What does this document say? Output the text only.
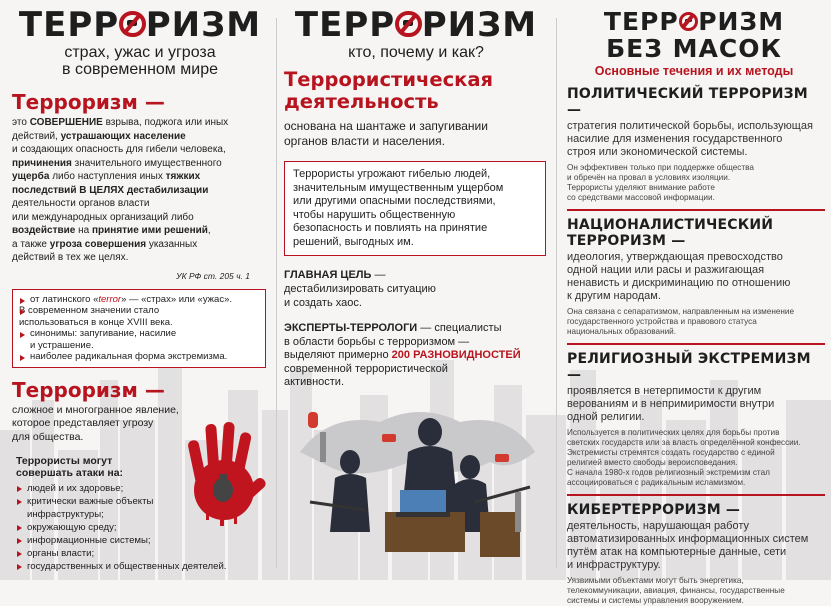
ТЕРР РИЗМ
страх, ужас и угроза
в современном мире
Терроризм —
это СОВЕРШЕНИЕ взрыва, поджога или иных
действий, устрашающих население
и создающих опасность для гибели человека,
причинения значительного имущественного
ущерба либо наступления иных тяжких
последствий В ЦЕЛЯХ дестабилизации
деятельности органов власти
или международных организаций либо
воздействие на принятие ими решений,
а также угроза совершения указанных
действий в тех же целях.
УК РФ ст. 205 ч. 1
от латинского «terror» — «страх» или «ужас».
В современном значении стало
использоваться в конце XVIII века.
синонимы: запугивание, насилие
и устрашение.
наиболее радикальная форма экстремизма.
Терроризм —
сложное и многогранное явление,
которое представляет угрозу
для общества.
Террористы могут
совершать атаки на:
людей и их здоровье;
критически важные объекты
инфраструктуры;
окружающую среду;
информационные системы;
органы власти;
государственных и общественных деятелей.
ТЕРР РИЗМ
кто, почему и как?
Террористическая
деятельность
основана на шантаже и запугивании
органов власти и населения.
Террористы угрожают гибелью людей,
значительным имущественным ущербом
или другими опасными последствиями,
чтобы нарушить общественную
безопасность и повлиять на принятие
решений, выгодных им.
ГЛАВНАЯ ЦЕЛЬ —
дестабилизировать ситуацию
и создать хаос.
ЭКСПЕРТЫ-ТЕРРОЛОГИ — специалисты
в области борьбы с терроризмом —
выделяют примерно 200 РАЗНОВИДНОСТЕЙ
современной террористической
активности.
ТЕРР РИЗМ
БЕЗ МАСОК
Основные течения и их методы
ПОЛИТИЧЕСКИЙ ТЕРРОРИЗМ —
стратегия политической борьбы, использующая
насилие для изменения государственного
строя или экономической системы.
Он эффективен только при поддержке общества
и обречён на провал в условиях изоляции.
Террористы уделяют внимание работе
со средствами массовой информации.
НАЦИОНАЛИСТИЧЕСКИЙ
ТЕРРОРИЗМ —
идеология, утверждающая превосходство
одной нации или расы и разжигающая
ненависть и дискриминацию по отношению
к другим народам.
Она связана с сепаратизмом, направленным на изменение
государственного устройства и правового статуса
национальных образований.
РЕЛИГИОЗНЫЙ ЭКСТРЕМИЗМ —
проявляется в нетерпимости к другим
верованиям и в непримиримости внутри
одной религии.
Используется в политических целях для борьбы против
светских государств или за власть определённой конфессии.
Экстремисты стремятся создать государство с единой
религией вместо свободы вероисповедания.
С начала 1980-х годов религиозный экстремизм стал
ассоциироваться с радикальным исламизмом.
КИБЕРТЕРРОРИЗМ —
деятельность, нарушающая работу
автоматизированных информационных систем
путём атак на компьютерные данные, сети
и инфраструктуру.
Уязвимыми объектами могут быть энергетика,
телекоммуникации, авиация, финансы, государственные
системы и системы управления вооружением.
